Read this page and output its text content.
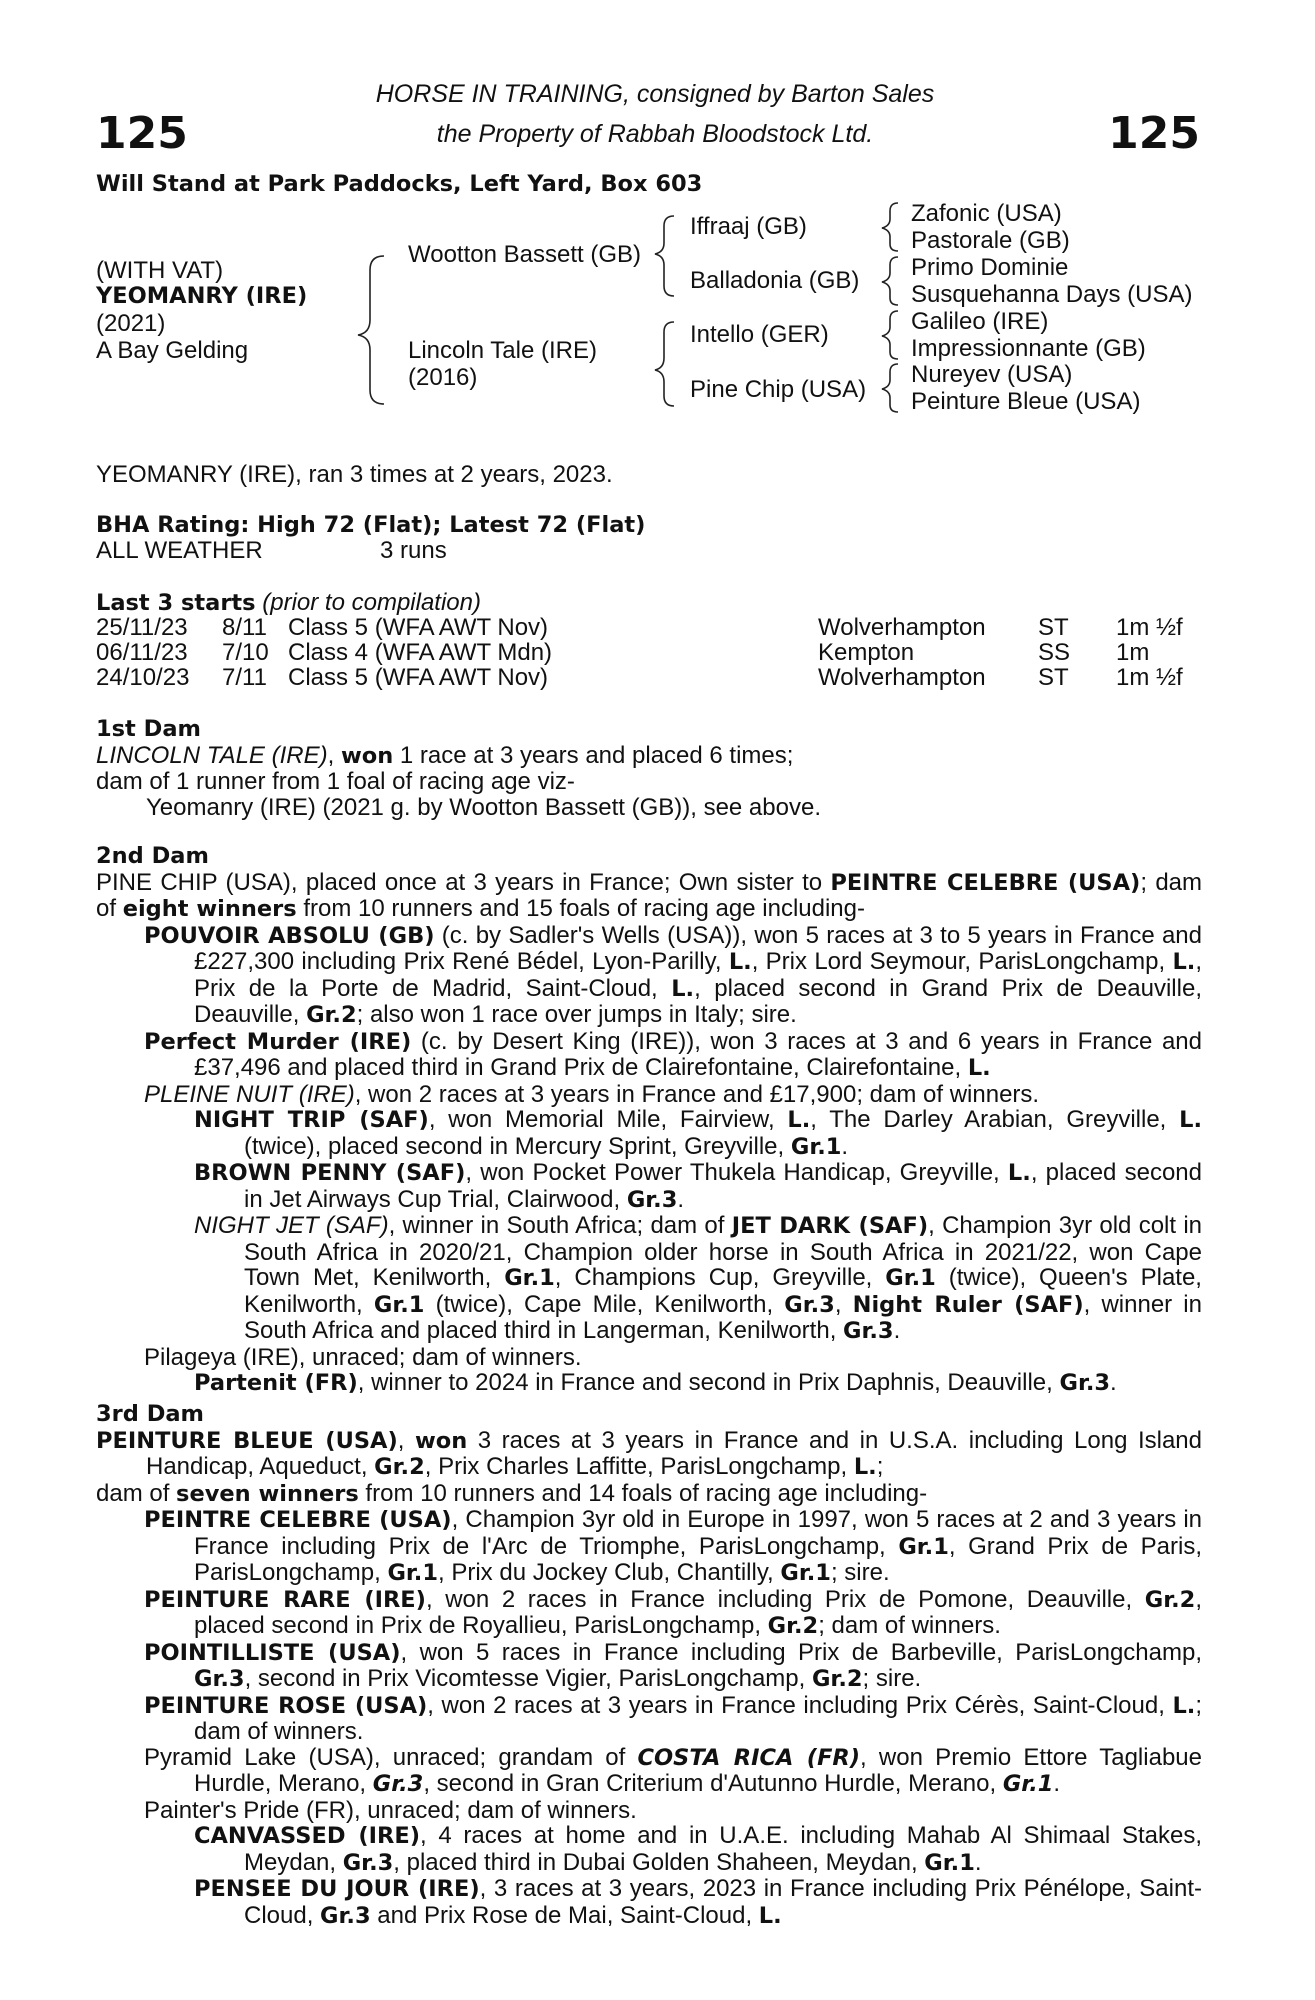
125	125
HORSE IN TRAINING, consigned by Barton Sales
the Property of Rabbah Bloodstock Ltd.
Will Stand at Park Paddocks, Left Yard, Box 603
(WITH VAT)
YEOMANRY (IRE)
(2021)
A Bay Gelding
Wootton Bassett (GB)
Lincoln Tale (IRE)
(2016)
Iffraaj (GB)
Balladonia (GB)
Intello (GER)
Pine Chip (USA)
Zafonic (USA)
Pastorale (GB)
Primo Dominie
Susquehanna Days (USA)
Galileo (IRE)
Impressionnante (GB)
Nureyev (USA)
Peinture Bleue (USA)
YEOMANRY (IRE), ran 3 times at 2 years, 2023.
BHA Rating: High 72 (Flat); Latest 72 (Flat)
ALL WEATHER	3 runs
Last 3 starts (prior to compilation)
25/11/23 8/11 Class 5 (WFA AWT Nov)	Wolverhampton ST 1m ½f
06/11/23 7/10 Class 4 (WFA AWT Mdn)	Kempton	SS 1m
24/10/23 7/11 Class 5 (WFA AWT Nov)	Wolverhampton ST 1m ½f
1st Dam
LINCOLN TALE (IRE), won 1 race at 3 years and placed 6 times;
dam of 1 runner from 1 foal of racing age viz-
Yeomanry (IRE) (2021 g. by Wootton Bassett (GB)), see above.
2nd Dam
PINE CHIP (USA), placed once at 3 years in France; Own sister to PEINTRE CELEBRE (USA); dam of eight winners from 10 runners and 15 foals of racing age including-
POUVOIR ABSOLU (GB) (c. by Sadler's Wells (USA)), won 5 races at 3 to 5 years in France and £227,300 including Prix René Bédel, Lyon-Parilly, L., Prix Lord Seymour, ParisLongchamp, L., Prix de la Porte de Madrid, Saint-Cloud, L., placed second in Grand Prix de Deauville, Deauville, Gr.2; also won 1 race over jumps in Italy; sire.
Perfect Murder (IRE) (c. by Desert King (IRE)), won 3 races at 3 and 6 years in France and £37,496 and placed third in Grand Prix de Clairefontaine, Clairefontaine, L.
PLEINE NUIT (IRE), won 2 races at 3 years in France and £17,900; dam of winners.
NIGHT TRIP (SAF), won Memorial Mile, Fairview, L., The Darley Arabian, Greyville, L. (twice), placed second in Mercury Sprint, Greyville, Gr.1.
BROWN PENNY (SAF), won Pocket Power Thukela Handicap, Greyville, L., placed second in Jet Airways Cup Trial, Clairwood, Gr.3.
NIGHT JET (SAF), winner in South Africa; dam of JET DARK (SAF), Champion 3yr old colt in South Africa in 2020/21, Champion older horse in South Africa in 2021/22, won Cape Town Met, Kenilworth, Gr.1, Champions Cup, Greyville, Gr.1 (twice), Queen's Plate, Kenilworth, Gr.1 (twice), Cape Mile, Kenilworth, Gr.3, Night Ruler (SAF), winner in South Africa and placed third in Langerman, Kenilworth, Gr.3.
Pilageya (IRE), unraced; dam of winners.
Partenit (FR), winner to 2024 in France and second in Prix Daphnis, Deauville, Gr.3.
3rd Dam
PEINTURE BLEUE (USA), won 3 races at 3 years in France and in U.S.A. including Long Island Handicap, Aqueduct, Gr.2, Prix Charles Laffitte, ParisLongchamp, L.;
dam of seven winners from 10 runners and 14 foals of racing age including-
PEINTRE CELEBRE (USA), Champion 3yr old in Europe in 1997, won 5 races at 2 and 3 years in France including Prix de l'Arc de Triomphe, ParisLongchamp, Gr.1, Grand Prix de Paris, ParisLongchamp, Gr.1, Prix du Jockey Club, Chantilly, Gr.1; sire.
PEINTURE RARE (IRE), won 2 races in France including Prix de Pomone, Deauville, Gr.2, placed second in Prix de Royallieu, ParisLongchamp, Gr.2; dam of winners.
POINTILLISTE (USA), won 5 races in France including Prix de Barbeville, ParisLongchamp, Gr.3, second in Prix Vicomtesse Vigier, ParisLongchamp, Gr.2; sire.
PEINTURE ROSE (USA), won 2 races at 3 years in France including Prix Cérès, Saint-Cloud, L.; dam of winners.
Pyramid Lake (USA), unraced; grandam of COSTA RICA (FR), won Premio Ettore Tagliabue Hurdle, Merano, Gr.3, second in Gran Criterium d'Autunno Hurdle, Merano, Gr.1.
Painter's Pride (FR), unraced; dam of winners.
CANVASSED (IRE), 4 races at home and in U.A.E. including Mahab Al Shimaal Stakes, Meydan, Gr.3, placed third in Dubai Golden Shaheen, Meydan, Gr.1.
PENSEE DU JOUR (IRE), 3 races at 3 years, 2023 in France including Prix Pénélope, Saint-Cloud, Gr.3 and Prix Rose de Mai, Saint-Cloud, L.
